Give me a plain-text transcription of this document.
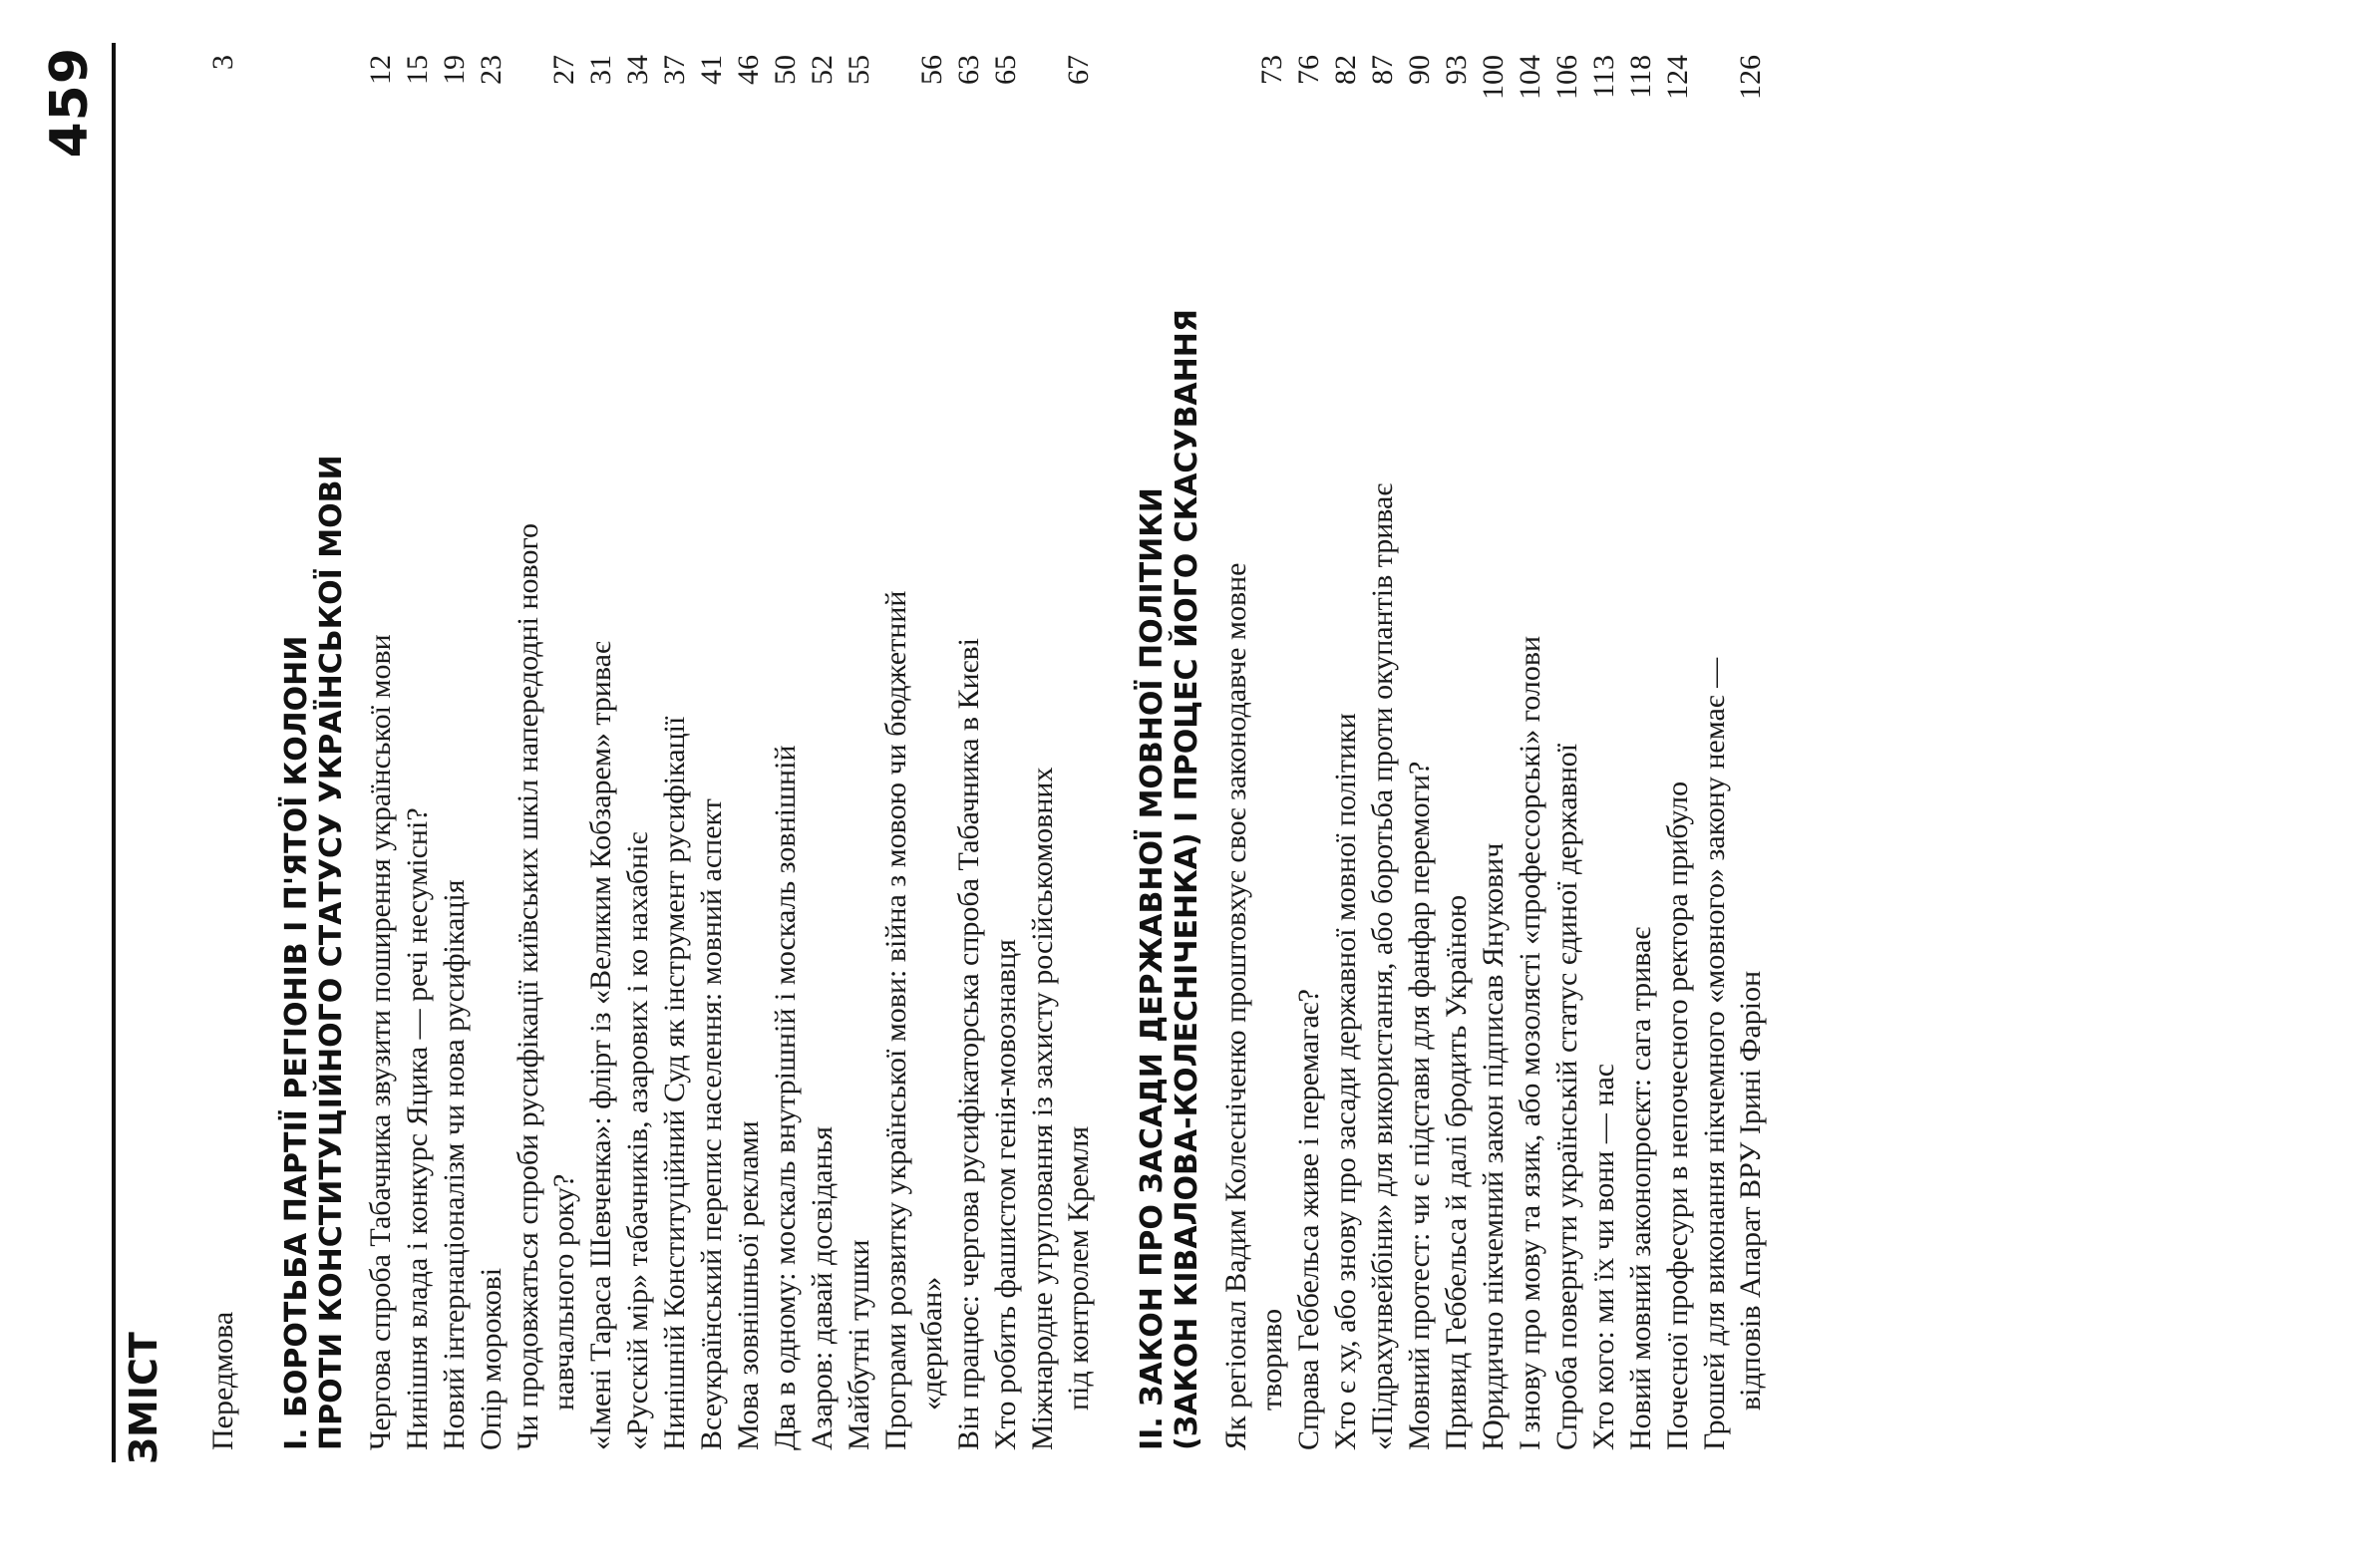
459
ЗМІСТ Передмова
3
I. БОРОТЬБА ПАРТІЇ РЕГІОНІВ І П'ЯТОЇ КОЛОНИ ПРОТИ КОНСТИТУЦІЙНОГО СТАТУСУ УКРАЇНСЬКОЇ МОВИ Чергова спроба Табачника звузити поширення української мови
12
Нинішня влада і конкурс Яцика — речі несумісні?
15
Новий інтернаціоналізм чи нова русифікація
19
Опір морокові
23
Чи продовжаться спроби русифікації київських шкіл напередодні нового навчального року?
27
«Імені Тараса Шевченка»: флірт із «Великим Кобзарем» триває
31
«Русскій мір» табачників, азарових і ко нахабніє
34
Нинішній Конституційний Суд як інструмент русифікації
37
Всеукраїнський перепис населення: мовний аспект
41
Мова зовнішньої реклами
46
Два в одному: москаль внутрішній і москаль зовнішній
50
Азаров: давай досвіданья
52
Майбутні тушки
55
Програми розвитку української мови: війна з мовою чи бюджетний «дерибан»
56
Він працює: чергова русифікаторська спроба Табачника в Києві
63
Хто робить фашистом генія-мовознавця
65
Міжнародне угруповання із захисту російськомовних під контролем Кремля
67
II. ЗАКОН ПРО ЗАСАДИ ДЕРЖАВНОЇ МОВНОЇ ПОЛІТИКИ (ЗАКОН КІВАЛОВА-КОЛЕСНІЧЕНКА) І ПРОЦЕС ЙОГО СКАСУВАННЯ Як регіонал Вадим Колесніченко проштовхує своє законодавче мовне твориво
73
Справа Геббельса живе і перемагає?
76
Хто є ху, або знову про засади державної мовної політики
82
«Підрахунвейбіни» для використання, або боротьба проти окупантів триває
87
Мовний протест: чи є підстави для фанфар перемоги?
90
Привид Геббельса й далі бродить Україною
93
Юридично нікчемний закон підписав Янукович
100
І знову про мову та язик, або мозолясті «профессорські» голови
104
Спроба повернути українській статус єдиної державної
106
Хто кого: ми їх чи вони — нас
113
Новий мовний законопроєкт: сага триває
118
Почесної професури в непочесного ректора прибуло
124
Грошей для виконання нікчемного «мовного» закону немає — відповів Апарат ВРУ Ірині Фаріон
126
